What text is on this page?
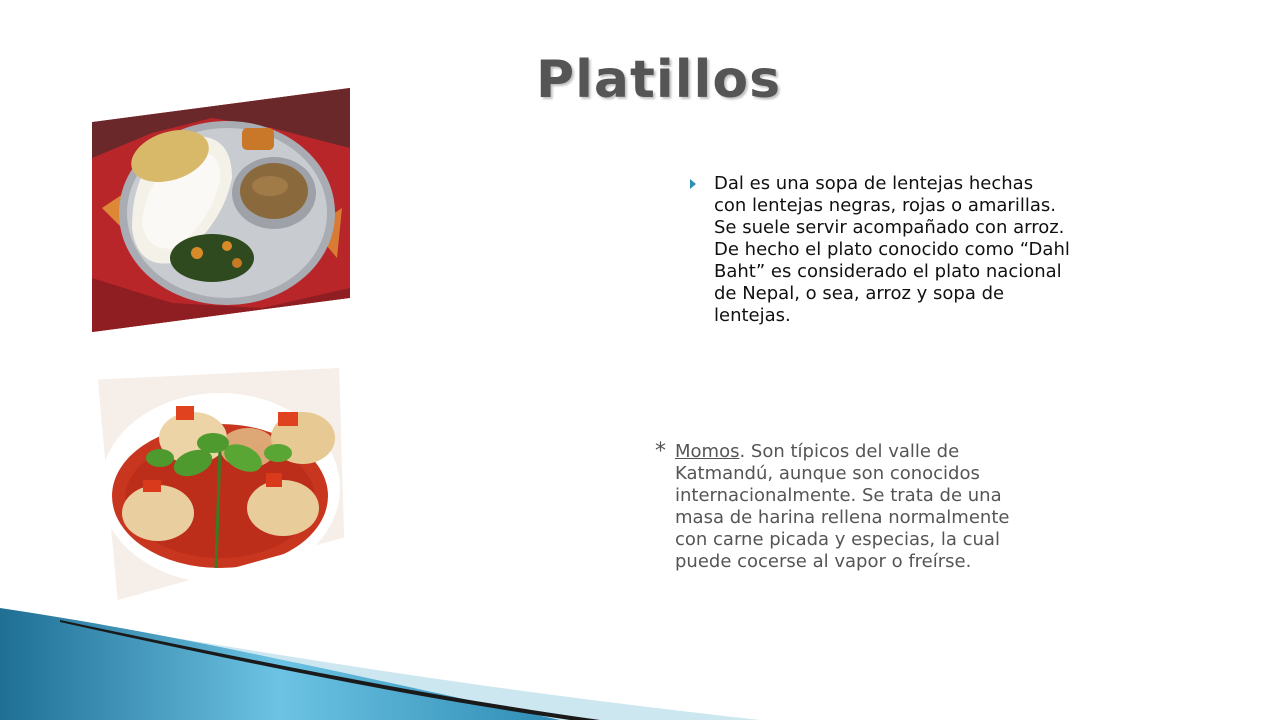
Platillos
Dal es una sopa de lentejas hechas con lentejas negras, rojas o amarillas. Se suele servir acompañado con arroz. De hecho el plato conocido como “Dahl Baht” es considerado el plato nacional de Nepal, o sea, arroz y sopa de lentejas.
* Momos. Son típicos del valle de Katmandú, aunque son conocidos internacionalmente. Se trata de una masa de harina rellena normalmente con carne picada y especias, la cual puede cocerse al vapor o freírse.
